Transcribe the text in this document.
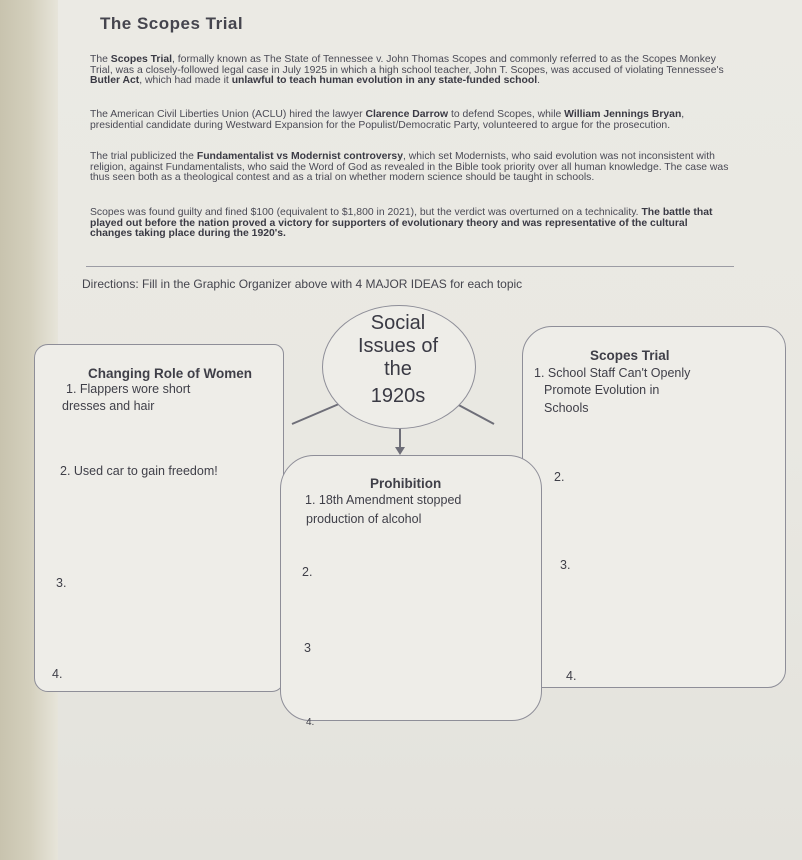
The Scopes Trial
The Scopes Trial, formally known as The State of Tennessee v. John Thomas Scopes and commonly referred to as the Scopes Monkey Trial, was a closely-followed legal case in July 1925 in which a high school teacher, John T. Scopes, was accused of violating Tennessee's Butler Act, which had made it unlawful to teach human evolution in any state-funded school.
The American Civil Liberties Union (ACLU) hired the lawyer Clarence Darrow to defend Scopes, while William Jennings Bryan, presidential candidate during Westward Expansion for the Populist/Democratic Party, volunteered to argue for the prosecution.
The trial publicized the Fundamentalist vs Modernist controversy, which set Modernists, who said evolution was not inconsistent with religion, against Fundamentalists, who said the Word of God as revealed in the Bible took priority over all human knowledge. The case was thus seen both as a theological contest and as a trial on whether modern science should be taught in schools.
Scopes was found guilty and fined $100 (equivalent to $1,800 in 2021), but the verdict was overturned on a technicality. The battle that played out before the nation proved a victory for supporters of evolutionary theory and was representative of the cultural changes taking place during the 1920's.
Directions: Fill in the Graphic Organizer above with 4 MAJOR IDEAS for each topic
Social
Issues of
the
1920s
Changing Role of Women
1. Flappers wore short
dresses and hair
2. Used car to gain freedom!
3.
4.
Prohibition
1. 18th Amendment stopped
production of alcohol
2.
3
4.
Scopes Trial
1. School Staff Can't Openly
Promote Evolution in
Schools
2.
3.
4.
